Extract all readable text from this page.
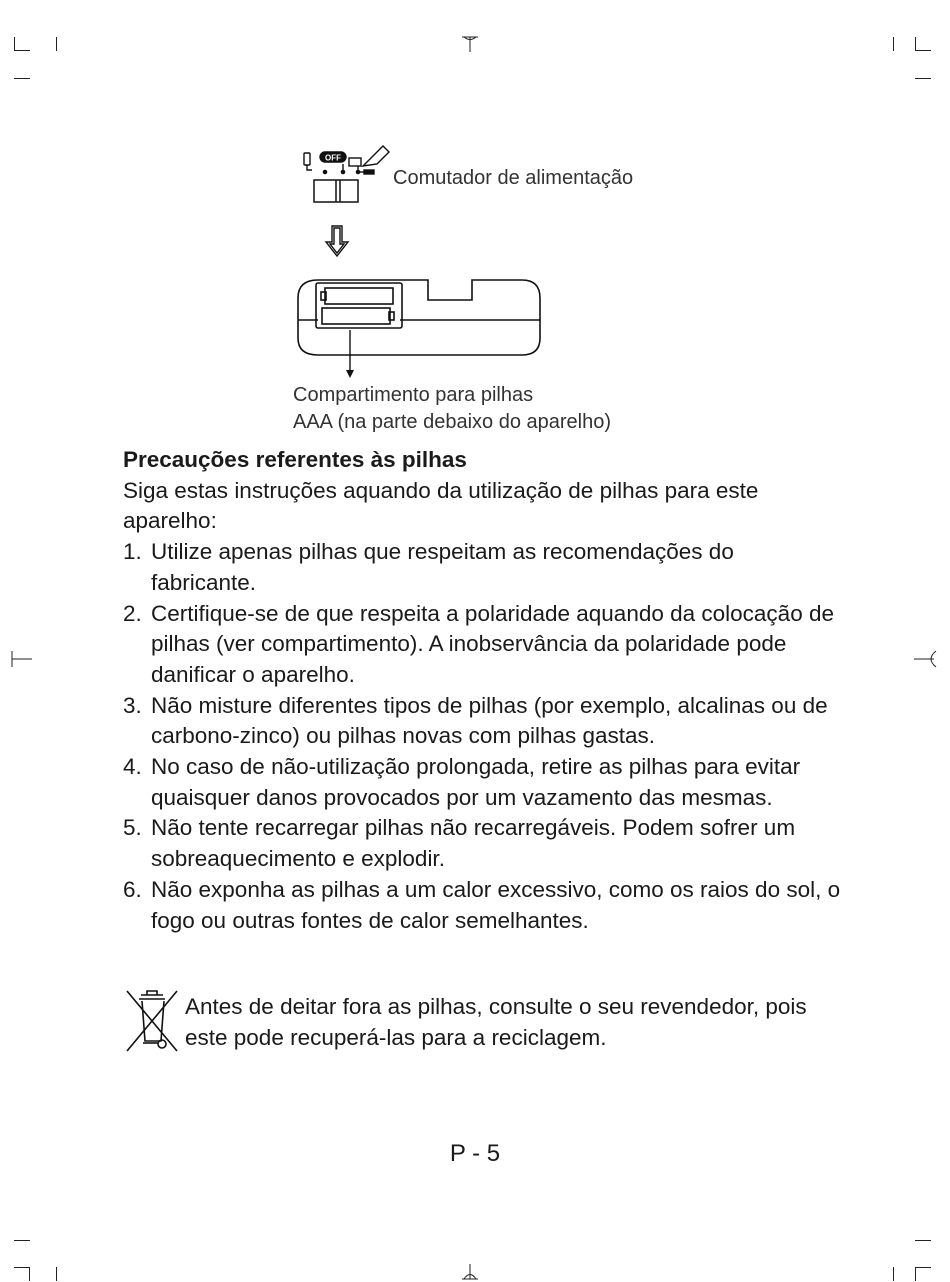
OFF
Comutador de alimentação
Compartimento para pilhas
AAA (na parte debaixo do aparelho)
Precauções referentes às pilhas

Siga estas instruções aquando da utilização de pilhas para este aparelho:

1. Utilize apenas pilhas que respeitam as recomendações do fabricante.
2. Certifique-se de que respeita a polaridade aquando da colocação de pilhas (ver compartimento). A inobservância da polaridade pode danificar o aparelho.
3. Não misture diferentes tipos de pilhas (por exemplo, alcalinas ou de carbono-zinco) ou pilhas novas com pilhas gastas.
4. No caso de não-utilização prolongada, retire as pilhas para evitar quaisquer danos provocados por um vazamento das mesmas.
5. Não tente recarregar pilhas não recarregáveis. Podem sofrer um sobreaquecimento e explodir.
6. Não exponha as pilhas a um calor excessivo, como os raios do sol, o fogo ou outras fontes de calor semelhantes.
Antes de deitar fora as pilhas, consulte o seu revendedor, pois este pode recuperá-las para a reciclagem.
P - 5
